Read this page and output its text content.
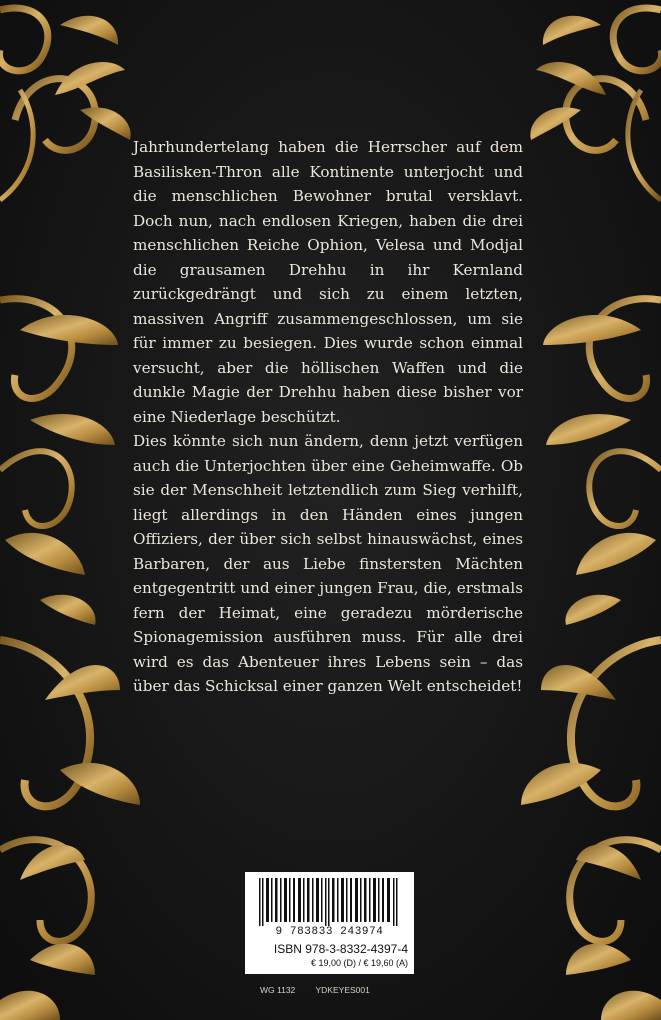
Jahrhundertelang haben die Herrscher auf dem Basilisken-Thron alle Kontinente unterjocht und die menschlichen Bewohner brutal versklavt. Doch nun, nach endlosen Kriegen, haben die drei menschlichen Reiche Ophion, Velesa und Modjal die grausamen Drehhu in ihr Kernland zurückgedrängt und sich zu einem letzten, massiven Angriff zusammengeschlossen, um sie für immer zu besiegen. Dies wurde schon einmal versucht, aber die höllischen Waffen und die dunkle Magie der Drehhu haben diese bisher vor eine Niederlage beschützt.

Dies könnte sich nun ändern, denn jetzt verfügen auch die Unterjochten über eine Geheimwaffe. Ob sie der Menschheit letztendlich zum Sieg verhilft, liegt allerdings in den Händen eines jungen Offiziers, der über sich selbst hinauswächst, eines Barbaren, der aus Liebe finstersten Mächten entgegentritt und einer jungen Frau, die, erstmals fern der Heimat, eine geradezu mörderische Spionagemission ausführen muss. Für alle drei wird es das Abenteuer ihres Lebens sein – das über das Schicksal einer ganzen Welt entscheidet!

9 783833 243974
ISBN 978-3-8332-4397-4
€ 19,00 (D) / € 19,60 (A)
WG 1132 YDKEYES001
